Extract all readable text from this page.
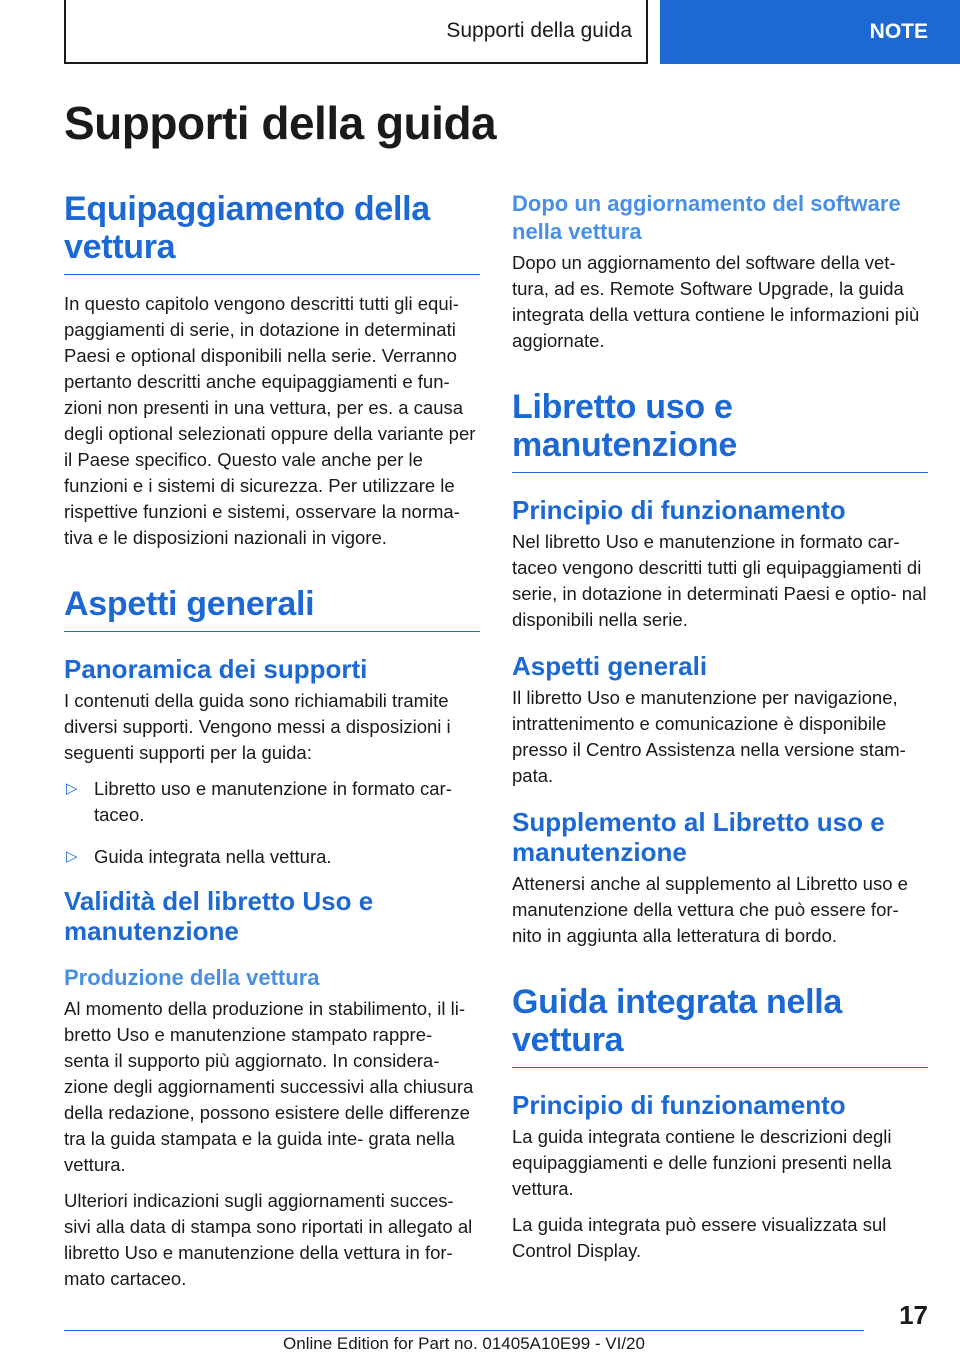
Supporti della guida	NOTE
Supporti della guida
Equipaggiamento della vettura

In questo capitolo vengono descritti tutti gli equi- paggiamenti di serie, in dotazione in determinati Paesi e optional disponibili nella serie. Verranno pertanto descritti anche equipaggiamenti e fun- zioni non presenti in una vettura, per es. a causa degli optional selezionati oppure della variante per il Paese specifico. Questo vale anche per le funzioni e i sistemi di sicurezza. Per utilizzare le rispettive funzioni e sistemi, osservare la norma- tiva e le disposizioni nazionali in vigore.

Aspetti generali
Panoramica dei supporti

I contenuti della guida sono richiamabili tramite diversi supporti. Vengono messi a disposizioni i seguenti supporti per la guida:

▷ Libretto uso e manutenzione in formato car- taceo.
▷ Guida integrata nella vettura.
Validità del libretto Uso e manutenzione
Produzione della vettura

Al momento della produzione in stabilimento, il li- bretto Uso e manutenzione stampato rappre- senta il supporto più aggiornato. In considera- zione degli aggiornamenti successivi alla chiusura della redazione, possono esistere delle differenze tra la guida stampata e la guida inte- grata nella vettura.

Ulteriori indicazioni sugli aggiornamenti succes- sivi alla data di stampa sono riportati in allegato al libretto Uso e manutenzione della vettura in for- mato cartaceo.

Dopo un aggiornamento del software nella vettura

Dopo un aggiornamento del software della vet- tura, ad es. Remote Software Upgrade, la guida integrata della vettura contiene le informazioni più aggiornate.

Libretto uso e manutenzione
Principio di funzionamento

Nel libretto Uso e manutenzione in formato car- taceo vengono descritti tutti gli equipaggiamenti di serie, in dotazione in determinati Paesi e optio- nal disponibili nella serie.

Aspetti generali

Il libretto Uso e manutenzione per navigazione, intrattenimento e comunicazione è disponibile presso il Centro Assistenza nella versione stam- pata.

Supplemento al Libretto uso e manutenzione

Attenersi anche al supplemento al Libretto uso e manutenzione della vettura che può essere for- nito in aggiunta alla letteratura di bordo.

Guida integrata nella vettura
Principio di funzionamento

La guida integrata contiene le descrizioni degli equipaggiamenti e delle funzioni presenti nella vettura.

La guida integrata può essere visualizzata sul Control Display.

17
Online Edition for Part no. 01405A10E99 - VI/20
